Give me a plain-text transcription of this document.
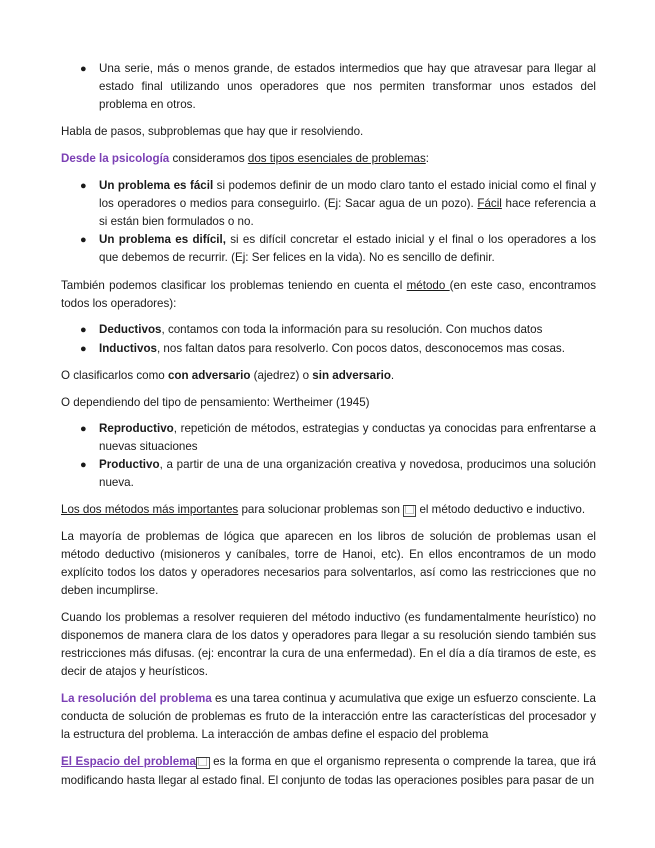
● Una serie, más o menos grande, de estados intermedios que hay que atravesar para llegar al estado final utilizando unos operadores que nos permiten transformar unos estados del problema en otros.

Habla de pasos, subproblemas que hay que ir resolviendo.

Desde la psicología consideramos dos tipos esenciales de problemas:

● Un problema es fácil si podemos definir de un modo claro tanto el estado inicial como el final y los operadores o medios para conseguirlo. (Ej: Sacar agua de un pozo). Fácil hace referencia a si están bien formulados o no.

● Un problema es difícil, si es difícil concretar el estado inicial y el final o los operadores a los que debemos de recurrir. (Ej: Ser felices en la vida). No es sencillo de definir.

También podemos clasificar los problemas teniendo en cuenta el método (en este caso, encontramos todos los operadores):

● Deductivos, contamos con toda la información para su resolución. Con muchos datos

● Inductivos, nos faltan datos para resolverlo. Con pocos datos, desconocemos mas cosas.

O clasificarlos como con adversario (ajedrez) o sin adversario.

O dependiendo del tipo de pensamiento: Wertheimer (1945)

● Reproductivo, repetición de métodos, estrategias y conductas ya conocidas para enfrentarse a nuevas situaciones

● Productivo, a partir de una de una organización creativa y novedosa, producimos una solución nueva.

Los dos métodos más importantes para solucionar problemas son ⃞ el método deductivo e inductivo.

La mayoría de problemas de lógica que aparecen en los libros de solución de problemas usan el método deductivo (misioneros y caníbales, torre de Hanoi, etc). En ellos encontramos de un modo explícito todos los datos y operadores necesarios para solventarlos, así como las restricciones que no deben incumplirse.

Cuando los problemas a resolver requieren del método inductivo (es fundamentalmente heurístico) no disponemos de manera clara de los datos y operadores para llegar a su resolución siendo también sus restricciones más difusas. (ej: encontrar la cura de una enfermedad). En el día a día tiramos de este, es decir de atajos y heurísticos.

La resolución del problema es una tarea continua y acumulativa que exige un esfuerzo consciente. La conducta de solución de problemas es fruto de la interacción entre las características del procesador y la estructura del problema. La interacción de ambas define el espacio del problema

El Espacio del problema ⃞ es la forma en que el organismo representa o comprende la tarea, que irá modificando hasta llegar al estado final. El conjunto de todas las operaciones posibles para pasar de un
